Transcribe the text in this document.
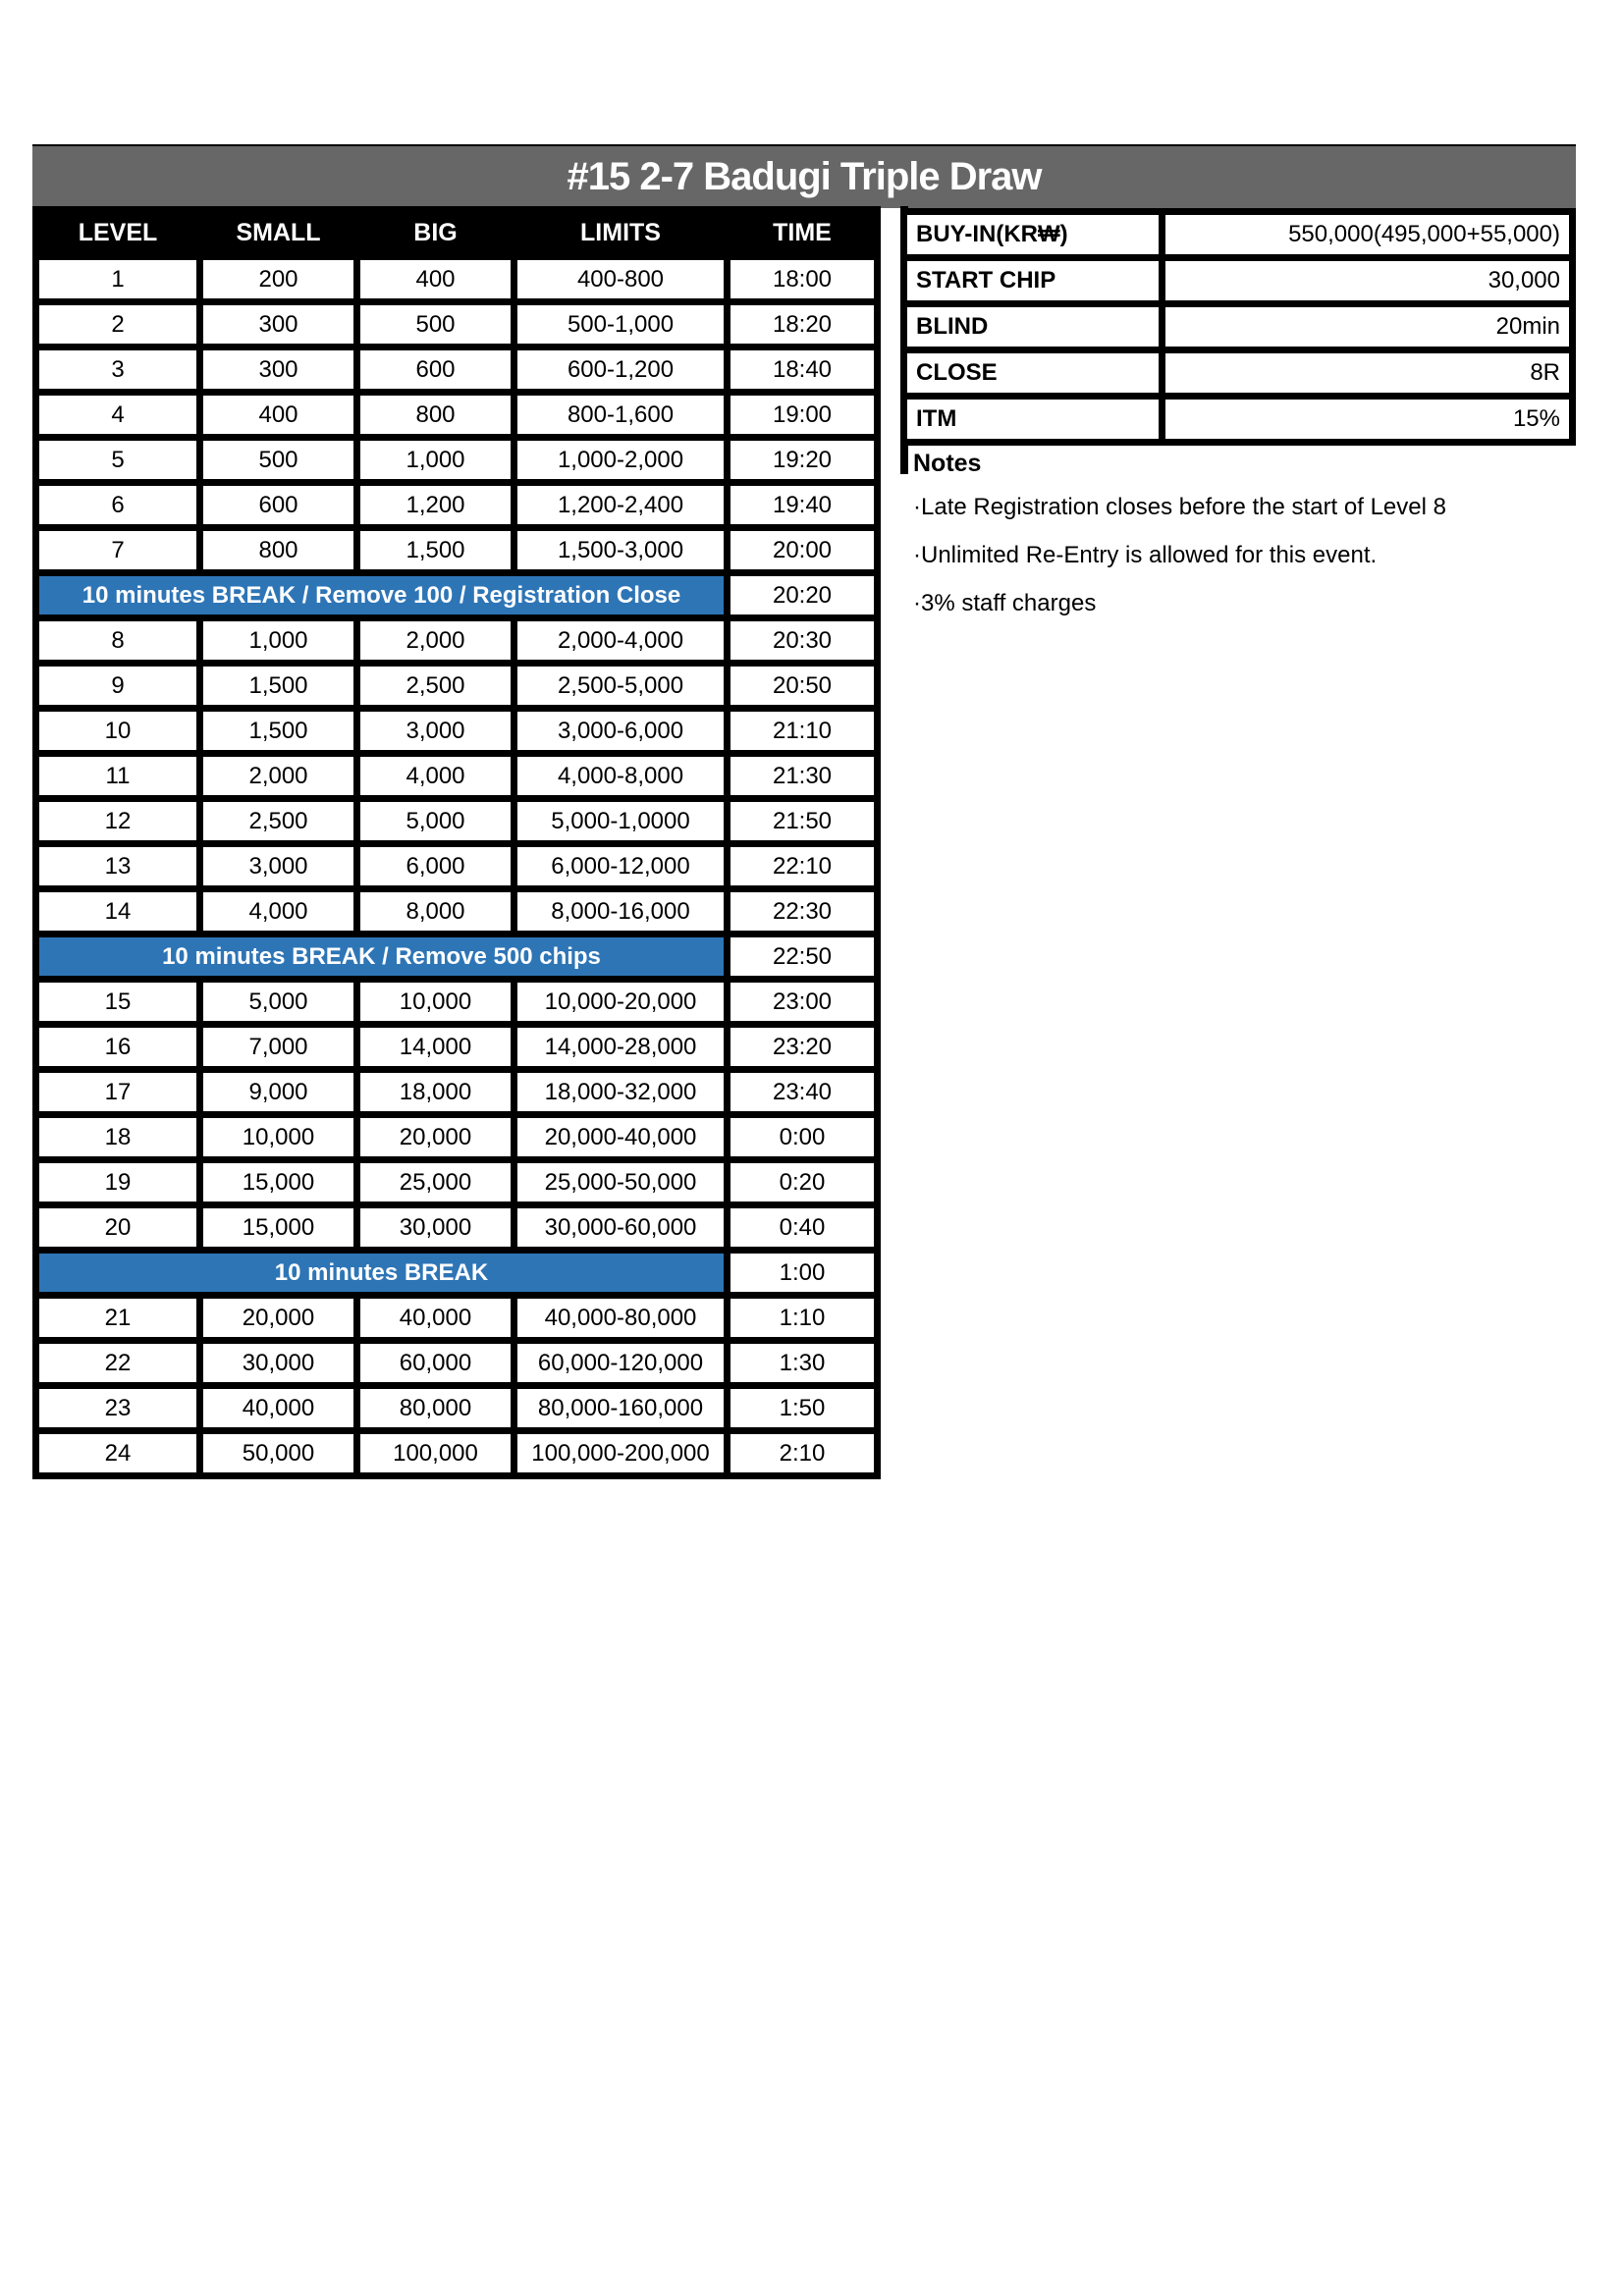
#15 2-7 Badugi Triple Draw
LEVEL	SMALL	BIG	LIMITS	TIME
1	200	400	400-800	18:00
2	300	500	500-1,000	18:20
3	300	600	600-1,200	18:40
4	400	800	800-1,600	19:00
5	500	1,000	1,000-2,000	19:20
6	600	1,200	1,200-2,400	19:40
7	800	1,500	1,500-3,000	20:00
10 minutes BREAK / Remove 100 / Registration Close				20:20
8	1,000	2,000	2,000-4,000	20:30
9	1,500	2,500	2,500-5,000	20:50
10	1,500	3,000	3,000-6,000	21:10
11	2,000	4,000	4,000-8,000	21:30
12	2,500	5,000	5,000-1,0000	21:50
13	3,000	6,000	6,000-12,000	22:10
14	4,000	8,000	8,000-16,000	22:30
10 minutes BREAK / Remove 500 chips				22:50
15	5,000	10,000	10,000-20,000	23:00
16	7,000	14,000	14,000-28,000	23:20
17	9,000	18,000	18,000-32,000	23:40
18	10,000	20,000	20,000-40,000	0:00
19	15,000	25,000	25,000-50,000	0:20
20	15,000	30,000	30,000-60,000	0:40
10 minutes BREAK				1:00
21	20,000	40,000	40,000-80,000	1:10
22	30,000	60,000	60,000-120,000	1:30
23	40,000	80,000	80,000-160,000	1:50
24	50,000	100,000	100,000-200,000	2:10
BUY-IN(KR₩)	550,000(495,000+55,000)
START CHIP	30,000
BLIND	20min
CLOSE	8R
ITM	15%
Notes
·Late Registration closes before the start of Level 8
·Unlimited Re-Entry is allowed for this event.
·3% staff charges
